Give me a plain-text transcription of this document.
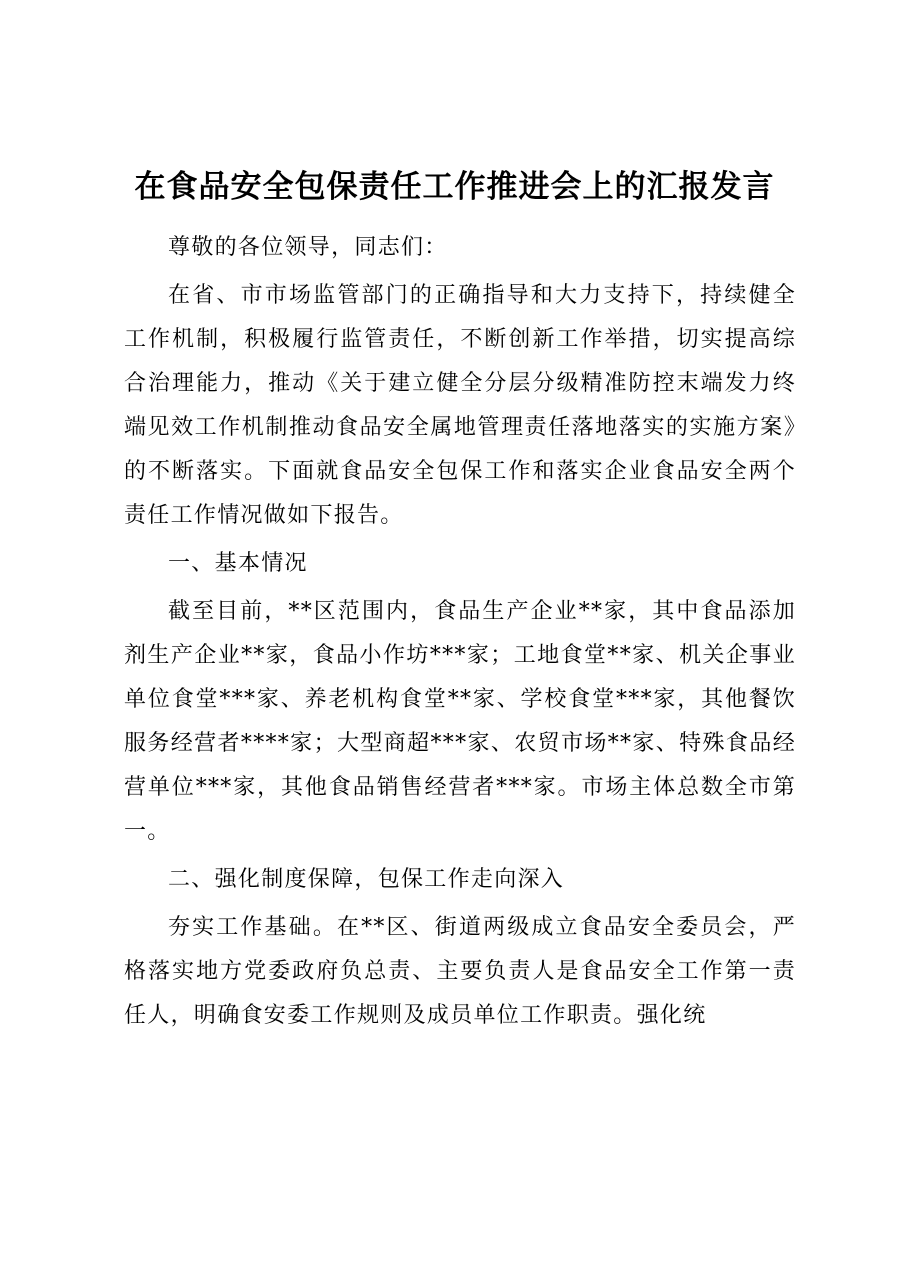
在食品安全包保责任工作推进会上的汇报发言

尊敬的各位领导，同志们：

在省、市市场监管部门的正确指导和大力支持下，持续健全工作机制，积极履行监管责任，不断创新工作举措，切实提高综合治理能力，推动《关于建立健全分层分级精准防控末端发力终端见效工作机制推动食品安全属地管理责任落地落实的实施方案》的不断落实。下面就食品安全包保工作和落实企业食品安全两个责任工作情况做如下报告。

一、基本情况

截至目前，**区范围内，食品生产企业**家，其中食品添加剂生产企业**家，食品小作坊***家；工地食堂**家、机关企事业单位食堂***家、养老机构食堂**家、学校食堂***家，其他餐饮服务经营者****家；大型商超***家、农贸市场**家、特殊食品经营单位***家，其他食品销售经营者***家。市场主体总数全市第一。

二、强化制度保障，包保工作走向深入

夯实工作基础。在**区、街道两级成立食品安全委员会，严格落实地方党委政府负总责、主要负责人是食品安全工作第一责任人，明确食安委工作规则及成员单位工作职责。强化统
